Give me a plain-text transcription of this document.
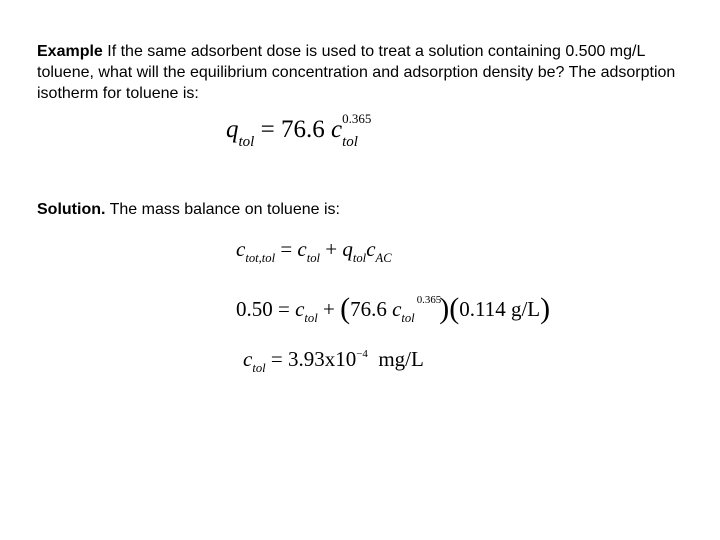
Example If the same adsorbent dose is used to treat a solution containing 0.500 mg/L toluene, what will the equilibrium concentration and adsorption density be? The adsorption isotherm for toluene is:
$q_{tol} = 76.6$ $c_{tol}$
0.365
Solution. The mass balance on toluene is:
$c_{tot,tol} = c_{tol} + q_{tol}c_{AC}$
$0.50 = c_{tol} + (76.6$ $c_{tol}^{0.365})(0.114$ g/L)
$c_{tol} = 3.93x10^{-4}$  mg/L
